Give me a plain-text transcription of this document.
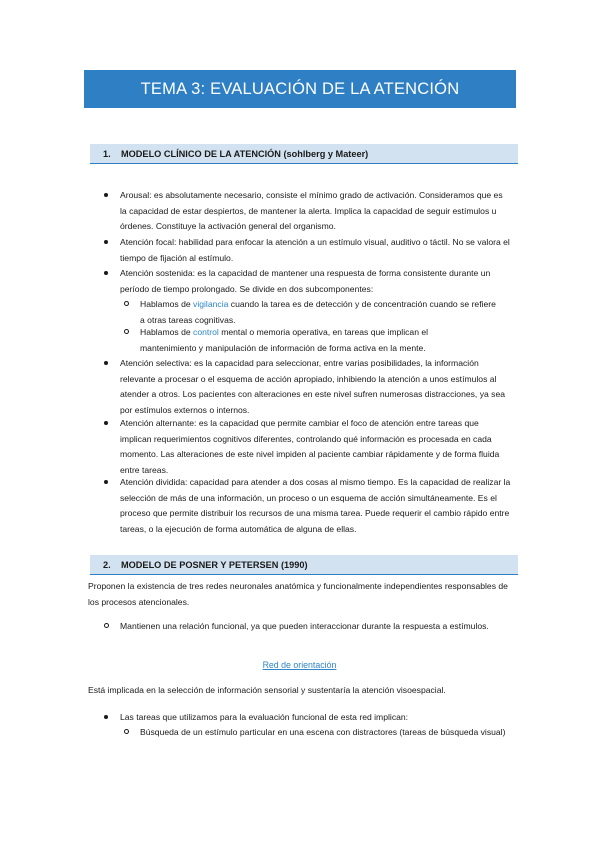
TEMA 3: EVALUACIÓN DE LA ATENCIÓN
1.	MODELO CLÍNICO DE LA ATENCIÓN (sohlberg y Mateer)
Arousal: es absolutamente necesario, consiste el mínimo grado de activación. Consideramos que es la capacidad de estar despiertos, de mantener la alerta. Implica la capacidad de seguir estímulos u órdenes. Constituye la activación general del organismo.
Atención focal: habilidad para enfocar la atención a un estímulo visual, auditivo o táctil. No se valora el tiempo de fijación al estímulo.
Atención sostenida: es la capacidad de mantener una respuesta de forma consistente durante un período de tiempo prolongado. Se divide en dos subcomponentes:
Hablamos de vigilancia cuando la tarea es de detección y de concentración cuando se refiere a otras tareas cognitivas.
Hablamos de control mental o memoria operativa, en tareas que implican el mantenimiento y manipulación de información de forma activa en la mente.
Atención selectiva: es la capacidad para seleccionar, entre varias posibilidades, la información relevante a procesar o el esquema de acción apropiado, inhibiendo la atención a unos estímulos al atender a otros. Los pacientes con alteraciones en este nivel sufren numerosas distracciones, ya sea por estímulos externos o internos.
Atención alternante: es la capacidad que permite cambiar el foco de atención entre tareas que implican requerimientos cognitivos diferentes, controlando qué información es procesada en cada momento. Las alteraciones de este nivel impiden al paciente cambiar rápidamente y de forma fluida entre tareas.
Atención dividida: capacidad para atender a dos cosas al mismo tiempo. Es la capacidad de realizar la selección de más de una información, un proceso o un esquema de acción simultáneamente. Es el proceso que permite distribuir los recursos de una misma tarea. Puede requerir el cambio rápido entre tareas, o la ejecución de forma automática de alguna de ellas.
2.	MODELO DE POSNER Y PETERSEN (1990)
Proponen la existencia de tres redes neuronales anatómica y funcionalmente independientes responsables de los procesos atencionales.
Mantienen una relación funcional, ya que pueden interaccionar durante la respuesta a estímulos.
Red de orientación
Está implicada en la selección de información sensorial y sustentaría la atención visoespacial.
Las tareas que utilizamos para la evaluación funcional de esta red implican:
Búsqueda de un estímulo particular en una escena con distractores (tareas de búsqueda visual)
